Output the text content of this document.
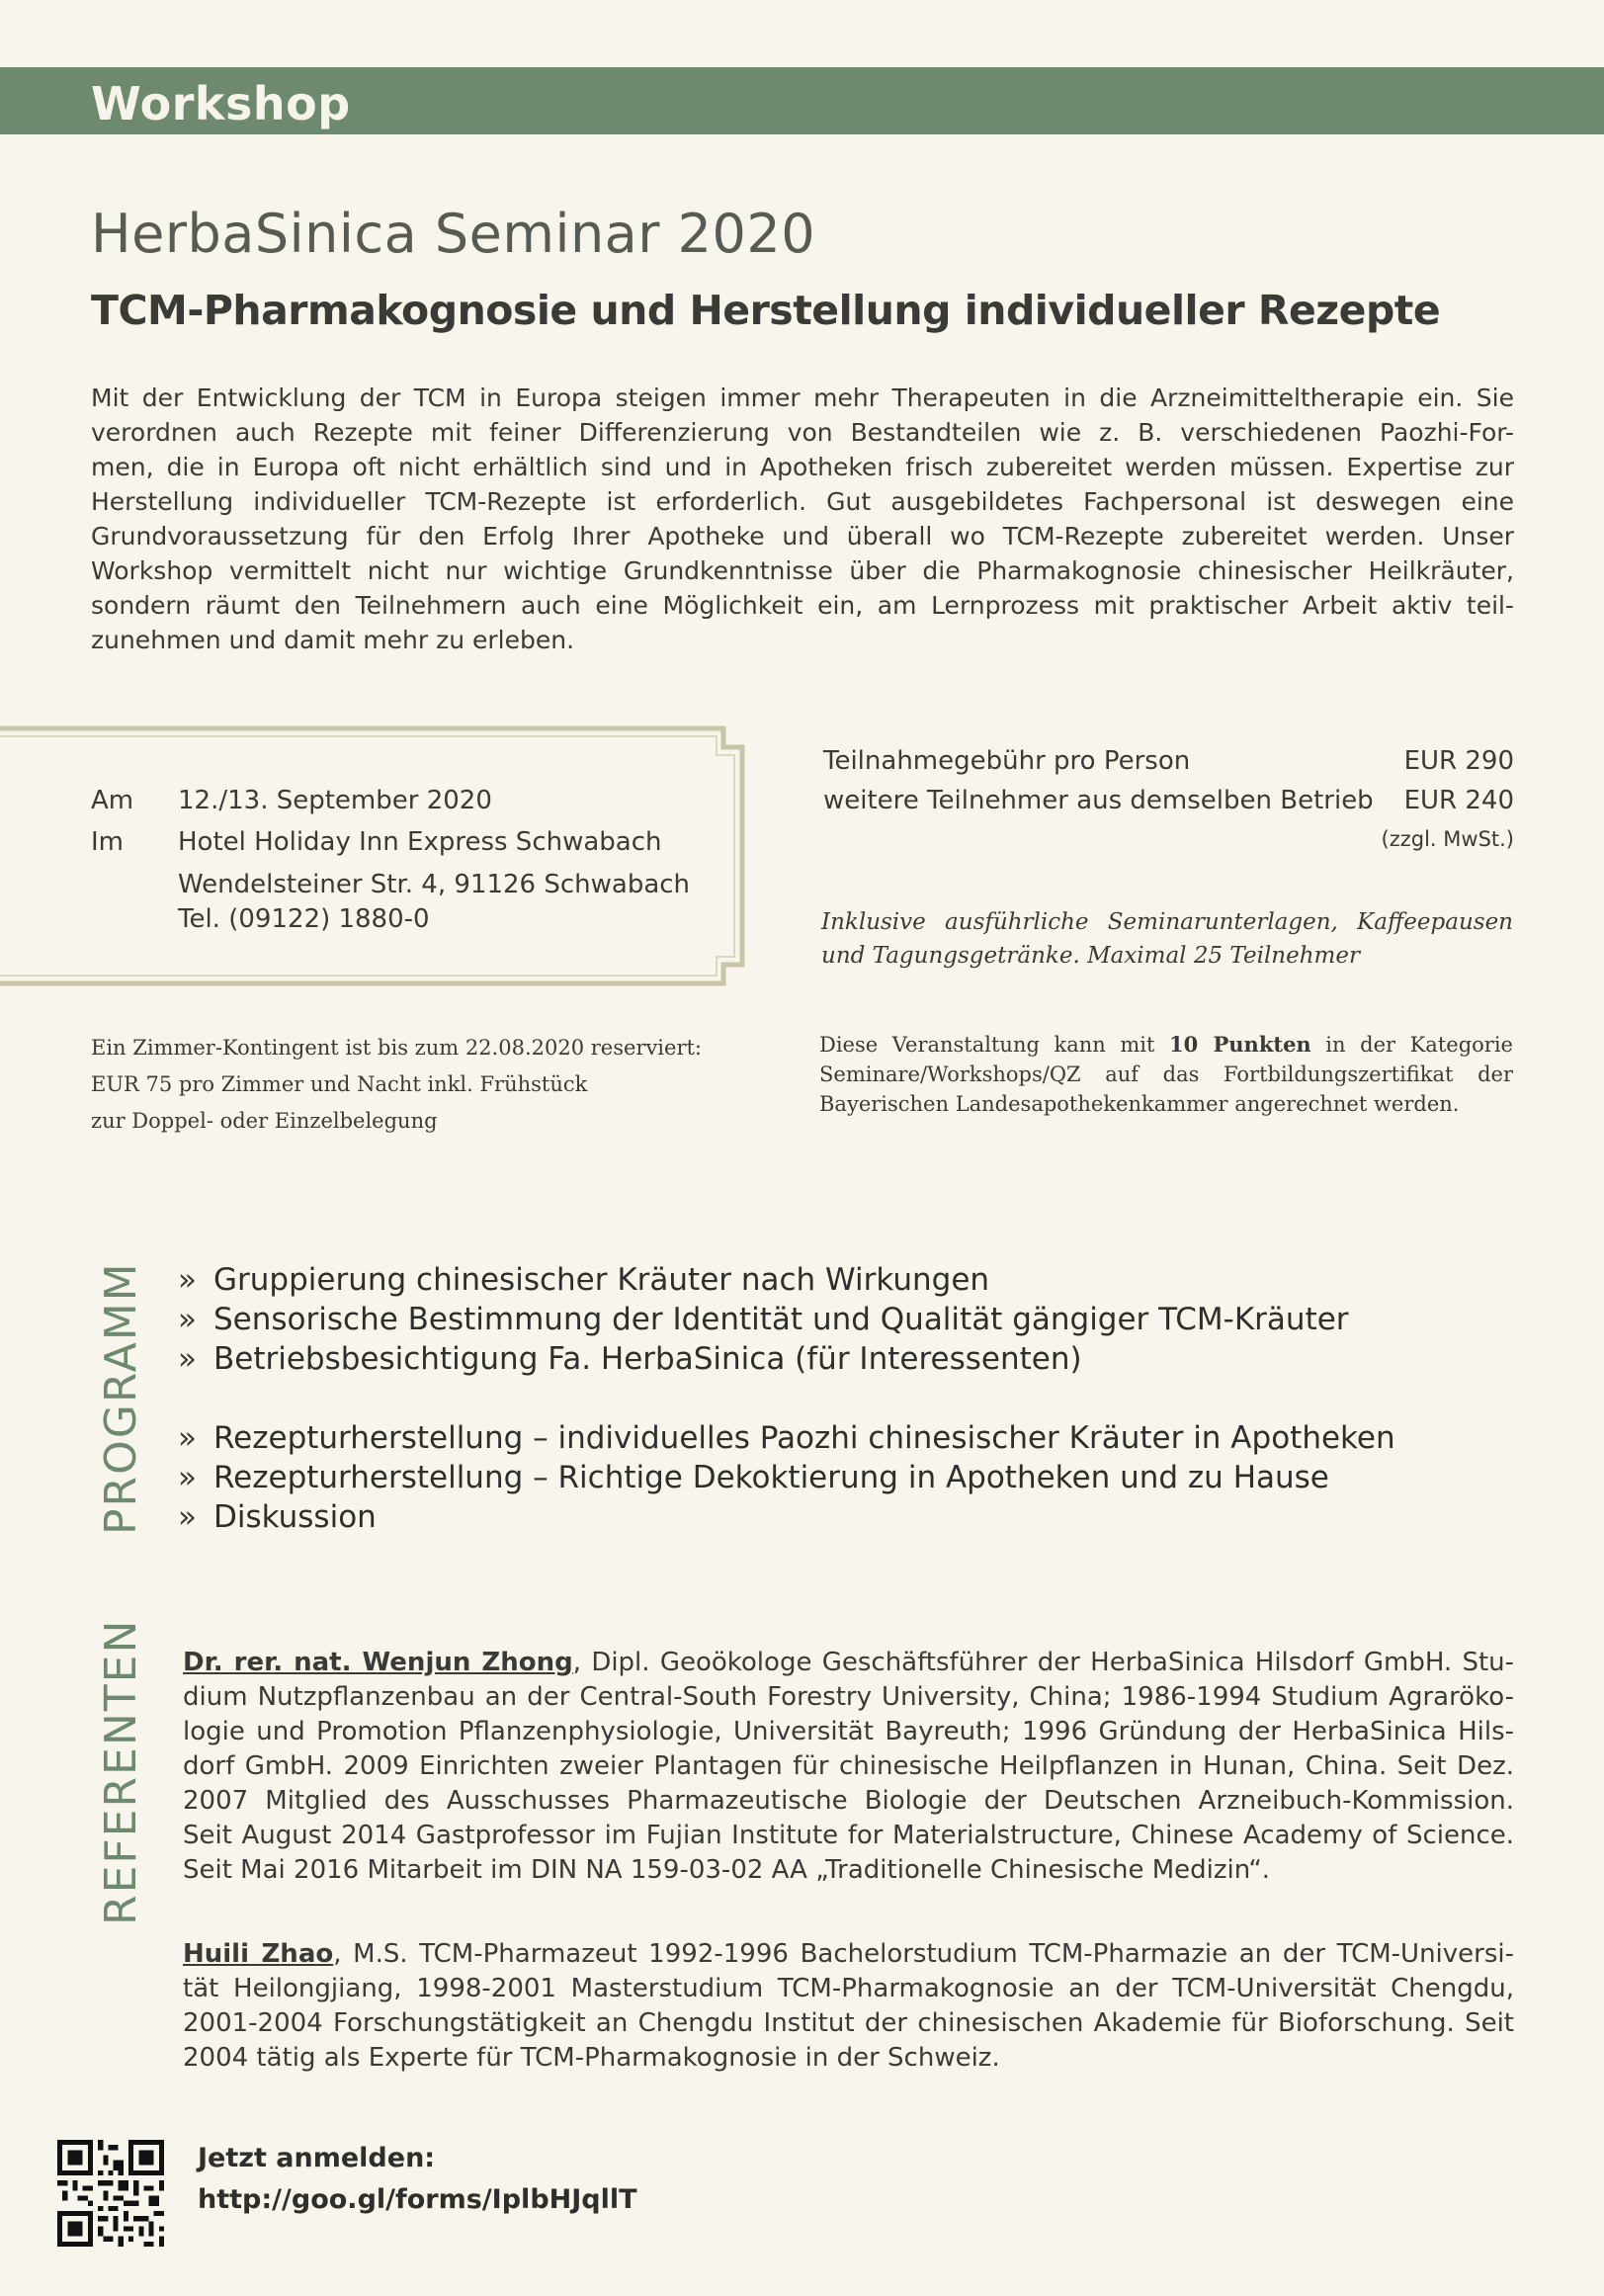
Workshop
HerbaSinica Seminar 2020
TCM-Pharmakognosie und Herstellung individueller Rezepte
Mit der Entwicklung der TCM in Europa steigen immer mehr Therapeuten in die Arzneimitteltherapie ein. Sie
verordnen auch Rezepte mit feiner Differenzierung von Bestandteilen wie z. B. verschiedenen Paozhi-For-
men, die in Europa oft nicht erhältlich sind und in Apotheken frisch zubereitet werden müssen. Expertise zur
Herstellung individueller TCM-Rezepte ist erforderlich. Gut ausgebildetes Fachpersonal ist deswegen eine
Grundvoraussetzung für den Erfolg Ihrer Apotheke und überall wo TCM-Rezepte zubereitet werden. Unser
Workshop vermittelt nicht nur wichtige Grundkenntnisse über die Pharmakognosie chinesischer Heilkräuter,
sondern räumt den Teilnehmern auch eine Möglichkeit ein, am Lernprozess mit praktischer Arbeit aktiv teil-
zunehmen und damit mehr zu erleben.
Am 12./13. September 2020
Im Hotel Holiday Inn Express Schwabach
Wendelsteiner Str. 4, 91126 Schwabach
Tel. (09122) 1880-0
Teilnahmegebühr pro Person	EUR 290
weitere Teilnehmer aus demselben Betrieb EUR 240
(zzgl. MwSt.)
Inklusive ausführliche Seminarunterlagen, Kaffeepausen
und Tagungsgetränke. Maximal 25 Teilnehmer
Ein Zimmer-Kontingent ist bis zum 22.08.2020 reserviert:
EUR 75 pro Zimmer und Nacht inkl. Frühstück
zur Doppel- oder Einzelbelegung
Diese Veranstaltung kann mit 10 Punkten in der Kategorie
Seminare/Workshops/QZ auf das Fortbildungszertifikat der
Bayerischen Landesapothekenkammer angerechnet werden.
PROGRAMM » Gruppierung chinesischer Kräuter nach Wirkungen
» Sensorische Bestimmung der Identität und Qualität gängiger TCM-Kräuter
» Betriebsbesichtigung Fa. HerbaSinica (für Interessenten)
» Rezepturherstellung – individuelles Paozhi chinesischer Kräuter in Apotheken
» Rezepturherstellung – Richtige Dekoktierung in Apotheken und zu Hause
» Diskussion
REFERENTEN Dr. rer. nat. Wenjun Zhong, Dipl. Geoökologe Geschäftsführer der HerbaSinica Hilsdorf GmbH. Stu-
dium Nutzpflanzenbau an der Central-South Forestry University, China; 1986-1994 Studium Agraröko-
logie und Promotion Pflanzenphysiologie, Universität Bayreuth; 1996 Gründung der HerbaSinica Hils-
dorf GmbH. 2009 Einrichten zweier Plantagen für chinesische Heilpflanzen in Hunan, China. Seit Dez.
2007 Mitglied des Ausschusses Pharmazeutische Biologie der Deutschen Arzneibuch-Kommission.
Seit August 2014 Gastprofessor im Fujian Institute for Materialstructure, Chinese Academy of Science.
Seit Mai 2016 Mitarbeit im DIN NA 159-03-02 AA „Traditionelle Chinesische Medizin“.
Huili Zhao, M.S. TCM-Pharmazeut 1992-1996 Bachelorstudium TCM-Pharmazie an der TCM-Universi-
tät Heilongjiang, 1998-2001 Masterstudium TCM-Pharmakognosie an der TCM-Universität Chengdu,
2001-2004 Forschungstätigkeit an Chengdu Institut der chinesischen Akademie für Bioforschung. Seit
2004 tätig als Experte für TCM-Pharmakognosie in der Schweiz.
Jetzt anmelden:
http://goo.gl/forms/IplbHJqllT
